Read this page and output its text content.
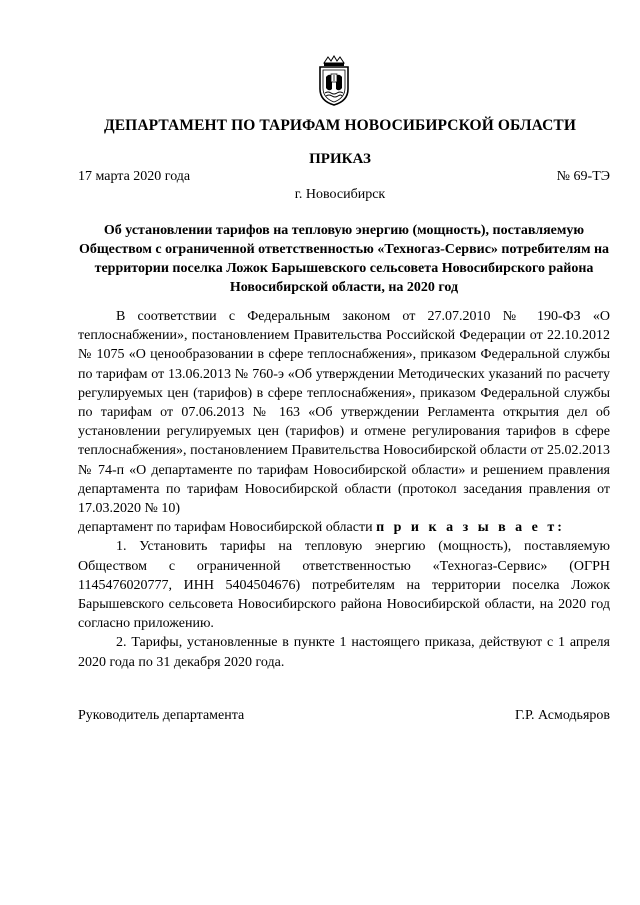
ДЕПАРТАМЕНТ ПО ТАРИФАМ НОВОСИБИРСКОЙ ОБЛАСТИ
ПРИКАЗ
17 марта 2020 года	№ 69-ТЭ
г. Новосибирск
Об установлении тарифов на тепловую энергию (мощность), поставляемую Обществом с ограниченной ответственностью «Техногаз-Сервис» потребителям на территории поселка Ложок Барышевского сельсовета Новосибирского района Новосибирской области, на 2020 год

В соответствии с Федеральным законом от 27.07.2010 № 190-ФЗ «О теплоснабжении», постановлением Правительства Российской Федерации от 22.10.2012 № 1075 «О ценообразовании в сфере теплоснабжения», приказом Федеральной службы по тарифам от 13.06.2013 № 760-э «Об утверждении Методических указаний по расчету регулируемых цен (тарифов) в сфере теплоснабжения», приказом Федеральной службы по тарифам от 07.06.2013 № 163 «Об утверждении Регламента открытия дел об установлении регулируемых цен (тарифов) и отмене регулирования тарифов в сфере теплоснабжения», постановлением Правительства Новосибирской области от 25.02.2013 № 74-п «О департаменте по тарифам Новосибирской области» и решением правления департамента по тарифам Новосибирской области (протокол заседания правления от 17.03.2020 № 10)

департамент по тарифам Новосибирской области п р и к а з ы в а е т:

1. Установить тарифы на тепловую энергию (мощность), поставляемую Обществом с ограниченной ответственностью «Техногаз-Сервис» (ОГРН 1145476020777, ИНН 5404504676) потребителям на территории поселка Ложок Барышевского сельсовета Новосибирского района Новосибирской области, на 2020 год согласно приложению.

2. Тарифы, установленные в пункте 1 настоящего приказа, действуют с 1 апреля 2020 года по 31 декабря 2020 года.

Руководитель департамента	Г.Р. Асмодьяров
